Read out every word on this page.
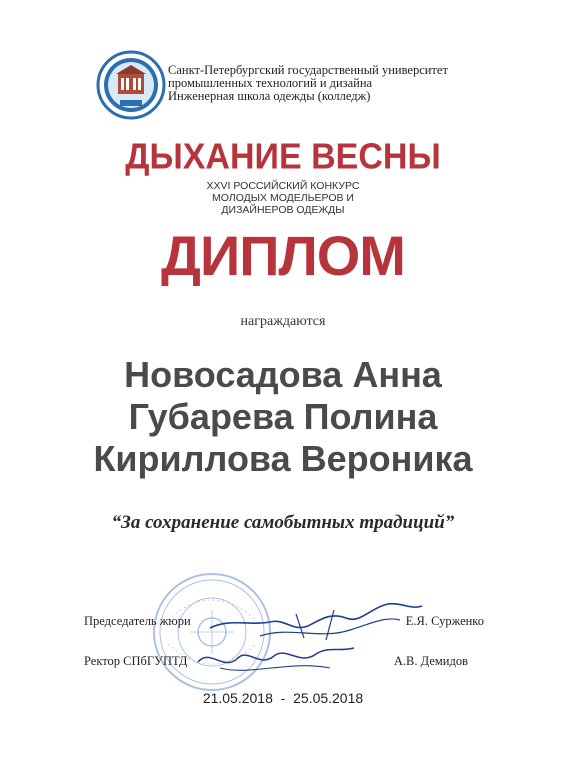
Санкт-Петербургский государственный университет
промышленных технологий и дизайна
Инженерная школа одежды (колледж)
ДЫХАНИЕ ВЕСНЫ
XXVI РОССИЙСКИЙ КОНКУРС
МОЛОДЫХ МОДЕЛЬЕРОВ И
ДИЗАЙНЕРОВ ОДЕЖДЫ
ДИПЛОМ
награждаются
Новосадова Анна
Губарева Полина
Кириллова Вероника
“За сохранение самобытных традиций”
Председатель жюри	Е.Я. Сурженко
Ректор СПбГУПТД	А.В. Демидов
21.05.2018  -  25.05.2018
